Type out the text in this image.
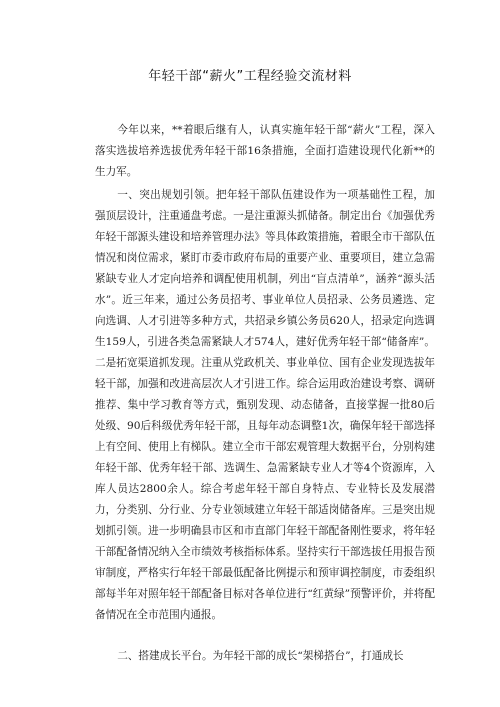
年轻干部“薪火”工程经验交流材料

今年以来，**着眼后继有人，认真实施年轻干部“薪火”工程，深入落实选拔培养选拔优秀年轻干部16条措施，全面打造建设现代化新**的生力军。

一、突出规划引领。把年轻干部队伍建设作为一项基础性工程，加强顶层设计，注重通盘考虑。一是注重源头抓储备。制定出台《加强优秀年轻干部源头建设和培养管理办法》等具体政策措施，着眼全市干部队伍情况和岗位需求，紧盯市委市政府布局的重要产业、重要项目，建立急需紧缺专业人才定向培养和调配使用机制，列出“盲点清单”，涵养“源头活水”。近三年来，通过公务员招考、事业单位人员招录、公务员遴选、定向选调、人才引进等多种方式，共招录乡镇公务员620人，招录定向选调生159人，引进各类急需紧缺人才574人，建好优秀年轻干部“储备库”。二是拓宽渠道抓发现。注重从党政机关、事业单位、国有企业发现选拔年轻干部，加强和改进高层次人才引进工作。综合运用政治建设考察、调研推荐、集中学习教育等方式，甄别发现、动态储备，直接掌握一批80后处级、90后科级优秀年轻干部，且每年动态调整1次，确保年轻干部选择上有空间、使用上有梯队。建立全市干部宏观管理大数据平台，分别构建年轻干部、优秀年轻干部、选调生、急需紧缺专业人才等4个资源库，入库人员达2800余人。综合考虑年轻干部自身特点、专业特长及发展潜力，分类别、分行业、分专业领域建立年轻干部适岗储备库。三是突出规划抓引领。进一步明确县市区和市直部门年轻干部配备刚性要求，将年轻干部配备情况纳入全市绩效考核指标体系。坚持实行干部选拔任用报告预审制度，严格实行年轻干部最低配备比例提示和预审调控制度，市委组织部每半年对照年轻干部配备目标对各单位进行“红黄绿”预警评价，并将配备情况在全市范围内通报。

二、搭建成长平台。为年轻干部的成长“架梯搭台”，打通成长
